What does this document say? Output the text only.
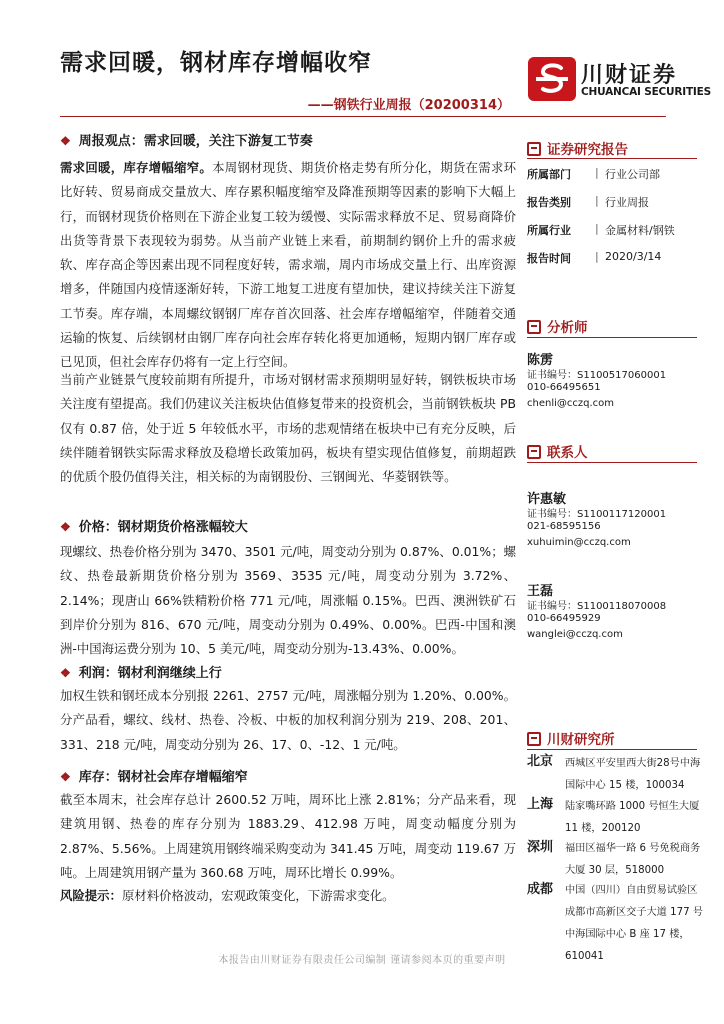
需求回暖，钢材库存增幅收窄
——钢铁行业周报（20200314）
川财证券
CHUANCAI SECURITIES
❖ 周报观点：需求回暖，关注下游复工节奏

需求回暖，库存增幅缩窄。本周钢材现货、期货价格走势有所分化，期货在需求环比好转、贸易商成交量放大、库存累积幅度缩窄及降准预期等因素的影响下大幅上行，而钢材现货价格则在下游企业复工较为缓慢、实际需求释放不足、贸易商降价出货等背景下表现较为弱势。从当前产业链上来看，前期制约钢价上升的需求疲软、库存高企等因素出现不同程度好转，需求端，周内市场成交量上行、出库资源增多，伴随国内疫情逐渐好转，下游工地复工进度有望加快，建议持续关注下游复工节奏。库存端，本周螺纹钢钢厂库存首次回落、社会库存增幅缩窄，伴随着交通运输的恢复、后续钢材由钢厂库存向社会库存转化将更加通畅，短期内钢厂库存或已见顶，但社会库存仍将有一定上行空间。

当前产业链景气度较前期有所提升，市场对钢材需求预期明显好转，钢铁板块市场关注度有望提高。我们仍建议关注板块估值修复带来的投资机会，当前钢铁板块 PB 仅有 0.87 倍，处于近 5 年较低水平，市场的悲观情绪在板块中已有充分反映，后续伴随着钢铁实际需求释放及稳增长政策加码，板块有望实现估值修复，前期超跌的优质个股仍值得关注，相关标的为南钢股份、三钢闽光、华菱钢铁等。

❖ 价格：钢材期货价格涨幅较大

现螺纹、热卷价格分别为 3470、3501 元/吨，周变动分别为 0.87%、0.01%；螺纹、热卷最新期货价格分别为 3569、3535 元/吨，周变动分别为 3.72%、2.14%；现唐山 66%铁精粉价格 771 元/吨，周涨幅 0.15%。巴西、澳洲铁矿石到岸价分别为 816、670 元/吨，周变动分别为 0.49%、0.00%。巴西-中国和澳洲-中国海运费分别为 10、5 美元/吨，周变动分别为-13.43%、0.00%。

❖ 利润：钢材利润继续上行

加权生铁和钢坯成本分别报 2261、2757 元/吨，周涨幅分别为 1.20%、0.00%。分产品看，螺纹、线材、热卷、冷板、中板的加权利润分别为 219、208、201、331、218 元/吨，周变动分别为 26、17、0、-12、1 元/吨。

❖ 库存：钢材社会库存增幅缩窄

截至本周末，社会库存总计 2600.52 万吨，周环比上涨 2.81%；分产品来看，现建筑用钢、热卷的库存分别为 1883.29、412.98 万吨，周变动幅度分别为 2.87%、5.56%。上周建筑用钢终端采购变动为 341.45 万吨，周变动 119.67 万吨。上周建筑用钢产量为 360.68 万吨，周环比增长 0.99%。

风险提示：原材料价格波动，宏观政策变化，下游需求变化。

证券研究报告
所属部门	| 行业公司部
报告类别	| 行业周报
所属行业	| 金属材料/钢铁
报告时间	| 2020/3/14
分析师
陈雳
证书编号：S1100517060001
010-66495651
chenli@cczq.com
联系人
许惠敏
证书编号：S1100117120001
021-68595156
xuhuimin@cczq.com
王磊
证书编号：S1100118070008
010-66495929
wanglei@cczq.com
川财研究所
北京 西城区平安里西大街28号中海国际中心 15 楼，100034
上海 陆家嘴环路 1000 号恒生大厦 11 楼，200120
深圳 福田区福华一路 6 号免税商务大厦 30 层，518000
成都 中国（四川）自由贸易试验区成都市高新区交子大道 177 号中海国际中心 B 座 17 楼，610041
本报告由川财证券有限责任公司编制 谨请参阅本页的重要声明
